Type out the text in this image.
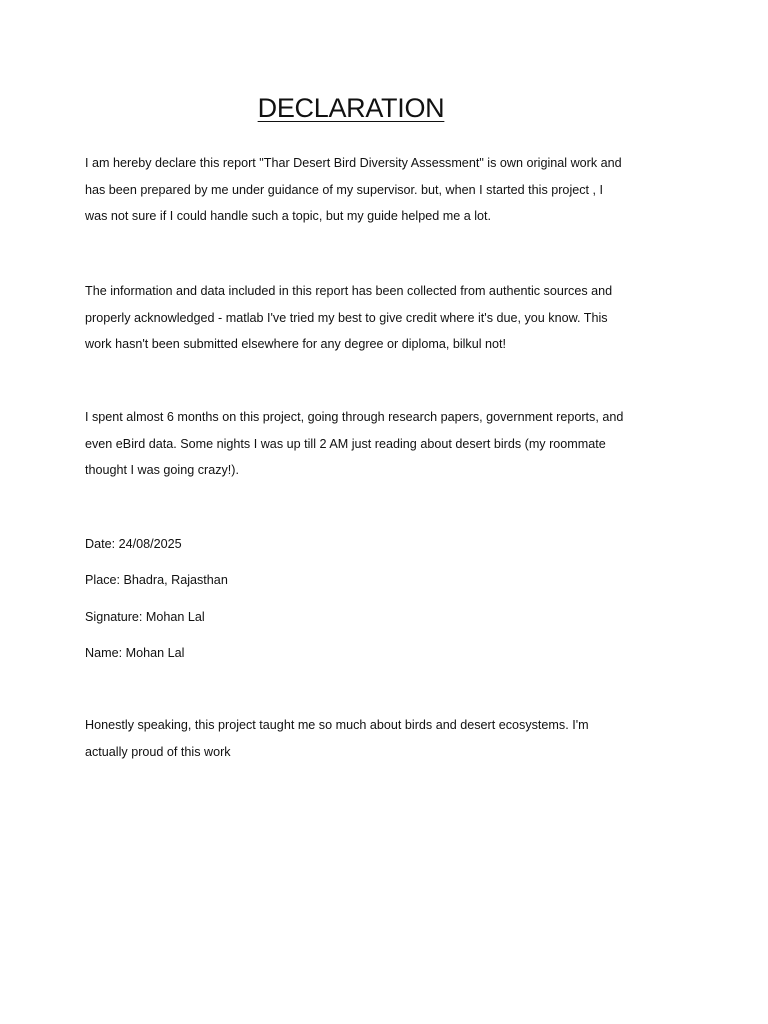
DECLARATION
I am hereby declare this report "Thar Desert Bird Diversity Assessment" is own original work and has been prepared by me under guidance of my supervisor. but, when I started this project , I was not sure if I could handle such a topic, but my guide helped me a lot.
The information and data included in this report has been collected from authentic sources and properly acknowledged - matlab I've tried my best to give credit where it's due, you know. This work hasn't been submitted elsewhere for any degree or diploma, bilkul not!
I spent almost 6 months on this project, going through research papers, government reports, and even eBird data. Some nights I was up till 2 AM just reading about desert birds (my roommate thought I was going crazy!).
Date: 24/08/2025
Place: Bhadra, Rajasthan
Signature: Mohan Lal
Name: Mohan Lal
Honestly speaking, this project taught me so much about birds and desert ecosystems. I'm actually proud of this work
